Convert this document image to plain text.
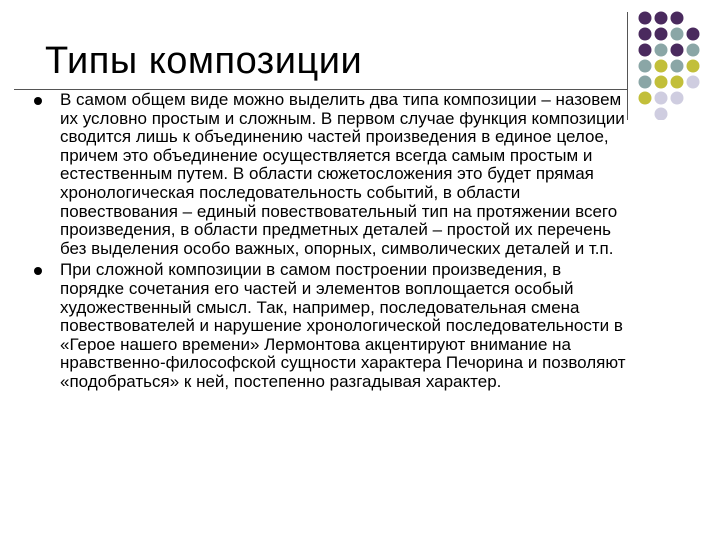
Типы композиции
В самом общем виде можно выделить два типа композиции – назовем их условно простым и сложным. В первом случае функция композиции сводится лишь к объединению частей произведения в единое целое, причем это объединение осуществляется всегда самым простым и естественным путем. В области сюжетосложения это будет прямая хронологическая последовательность событий, в области повествования – единый повествовательный тип на протяжении всего произведения, в области предметных деталей – простой их перечень без выделения особо важных, опорных, символических деталей и т.п.
При сложной композиции в самом построении произведения, в порядке сочетания его частей и элементов воплощается особый художественный смысл. Так, например, последовательная смена повествователей и нарушение хронологической последовательности в «Герое нашего времени» Лермонтова акцентируют внимание на нравственно-философской сущности характера Печорина и позволяют «подобраться» к ней, постепенно разгадывая характер.
